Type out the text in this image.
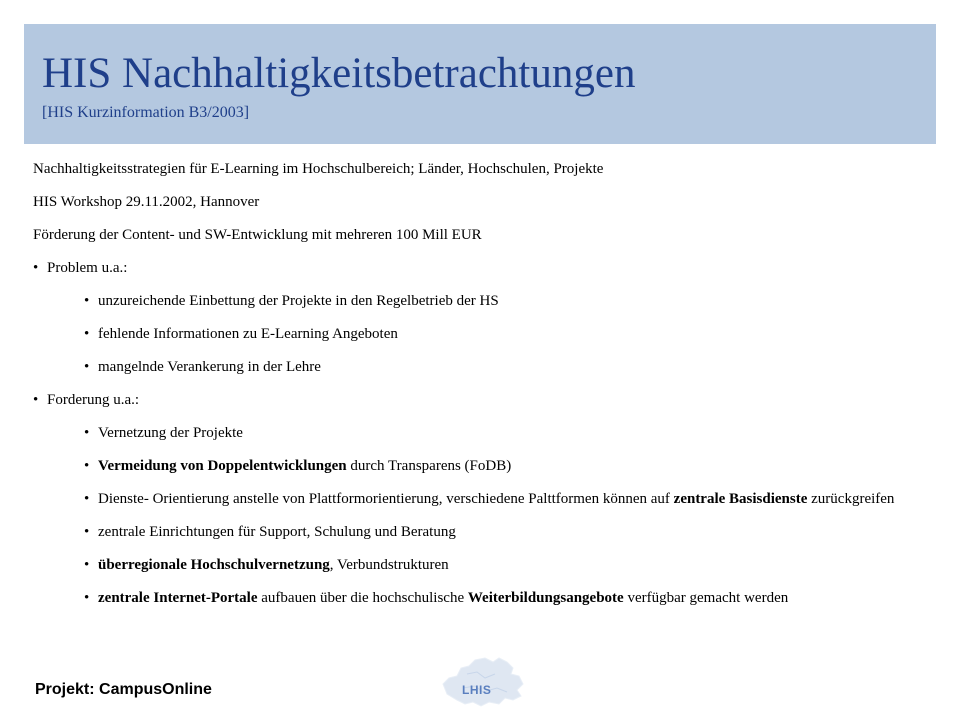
HIS Nachhaltigkeitsbetrachtungen
[HIS Kurzinformation B3/2003]

Nachhaltigkeitsstrategien für E-Learning im Hochschulbereich; Länder, Hochschulen, Projekte

HIS Workshop 29.11.2002, Hannover

Förderung der Content- und SW-Entwicklung mit mehreren 100 Mill EUR

• Problem u.a.:

• unzureichende Einbettung der Projekte in den Regelbetrieb der HS

• fehlende Informationen zu E-Learning Angeboten

• mangelnde Verankerung in der Lehre

• Forderung u.a.:

• Vernetzung der Projekte

• Vermeidung von Doppelentwicklungen durch Transparens (FoDB)

• Dienste- Orientierung anstelle von Plattformorientierung, verschiedene Palttformen können auf zentrale Basisdienste zurückgreifen

• zentrale Einrichtungen für Support, Schulung und Beratung

• überregionale Hochschulvernetzung, Verbundstrukturen

• zentrale Internet-Portale aufbauen über die hochschulische Weiterbildungsangebote verfügbar gemacht werden

LHIS
Projekt: CampusOnline
